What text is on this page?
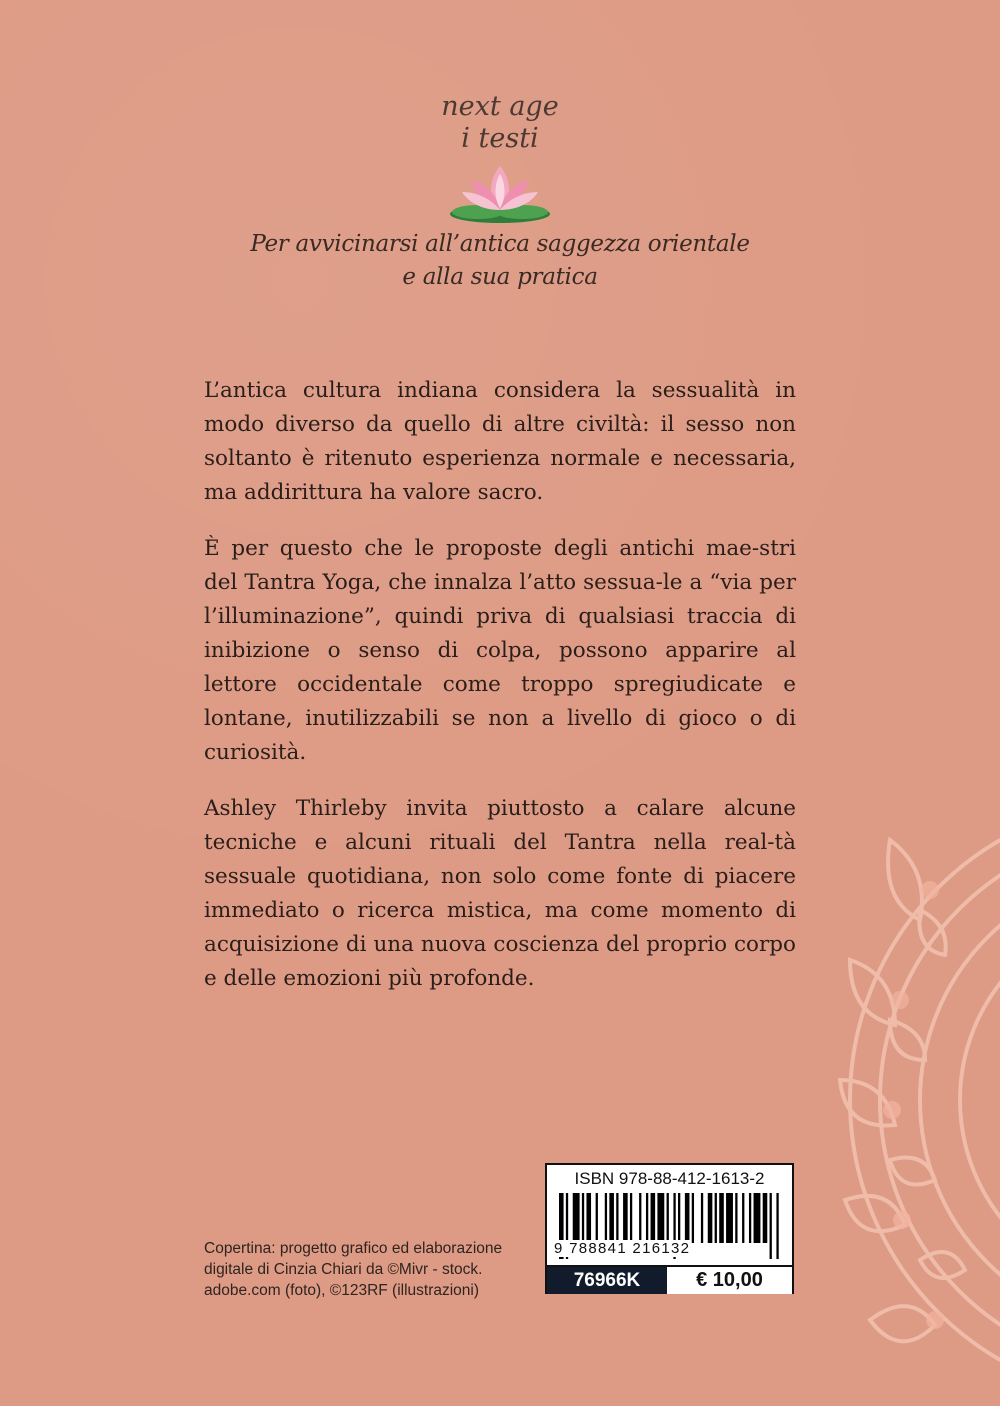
next age
i testi
Per avvicinarsi all’antica saggezza orientale
e alla sua pratica

L’antica cultura indiana considera la sessualità in modo diverso da quello di altre civiltà: il sesso non soltanto è ritenuto esperienza normale e necessaria, ma addirittura ha valore sacro.

È per questo che le proposte degli antichi mae-stri del Tantra Yoga, che innalza l’atto sessua-le a “via per l’illuminazione”, quindi priva di qualsiasi traccia di inibizione o senso di colpa, possono apparire al lettore occidentale come troppo spregiudicate e lontane, inutilizzabili se non a livello di gioco o di curiosità.

Ashley Thirleby invita piuttosto a calare alcune tecniche e alcuni rituali del Tantra nella real-tà sessuale quotidiana, non solo come fonte di piacere immediato o ricerca mistica, ma come momento di acquisizione di una nuova coscienza del proprio corpo e delle emozioni più profonde.

Copertina: progetto grafico ed elaborazione digitale di Cinzia Chiari da ©Mivr - stock. adobe.com (foto), ©123RF (illustrazioni)
ISBN 978-88-412-1613-2
9 788841 216132
76966K	€ 10,00
